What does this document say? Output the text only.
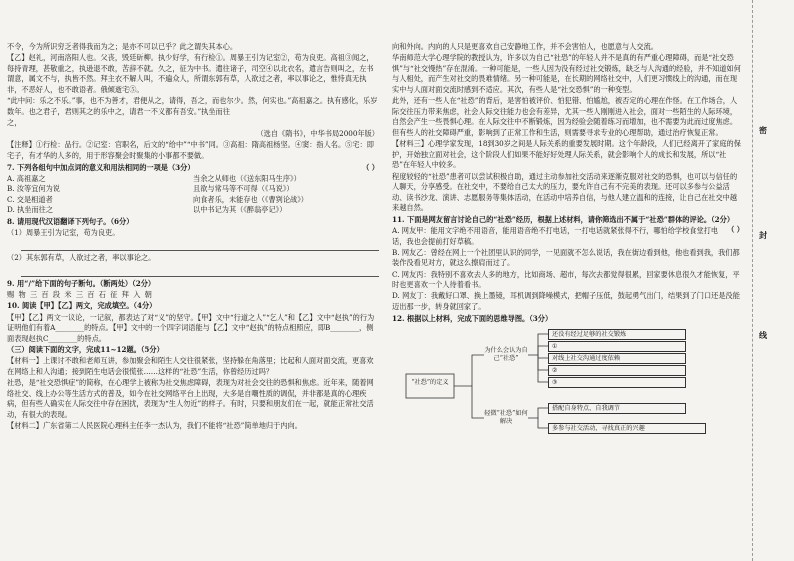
不令，今为所识穷乏者得我而为之；是亦不可以已乎？此之谓失其本心。

【乙】赵礼，河南洛阳人也。父丧，毁廷斫柳。执少好学，有行检①。周暴王引为记室②，苟为良吏。高祖③闻之，每持青理，甚敬重之，执逊退不敢，苦辞不就。久之，征为中书。遣往诸子，司空④以北衣名，遣言告则叫之，左书谓意，属文不与，执皆不然。拜主衣不解人叫，不遍众人，所谓东郭有草，人欲过之者，率以事论之，惟恃真无执非，不恶好人，也不敢语者。俄倾逝宅⑤。

“此中问：乐之不乐。”事，也不为善才，君便从之，请得，吾之，而也尔少。然，何实也。”高祖嘉之。执有感化，乐岁数年。也之君子，君则其之的乐中之，请君一不义都有吾安。”执坐而往

之，

（选自《隋书》，中华书局2000年版）

【注释】①行检：品行。②记室：官职名，后文的“给中”“中书”同。③高祖：隋高祖杨坚。④窦：指人名。⑤宅：即宅子，有才华的人多的，用于形容聚会时聚集的小事都不要做。

7. 下列各组句中加点词的意义和用法相同的一项是（3分）	（ ）

A. 高祖嘉之	当余之从师也（《送东阳马生序》）
B. 汝等宜何为说	且欲与常马等不可得（《马说》）
C. 交是相道者	向食者乐，未能存也（《曹刿论战》）
D. 执坐而往之	以中书记为其（《醉翁亭记》）

8. 请用现代汉语翻译下列句子。（6分）

（1）周暴王引为记室，苟为良吏。

（2）其东郭有草，人欲过之者，率以事论之。

9. 用“/”给下面的句子断句。（断两处）（2分）

赐 物 三 百 段 米 三 百 石 征 拜 入 朝

10. 阅读【甲】【乙】两文，完成填空。（4分）

【甲】【乙】两文一议论，一记叙，都表达了对“义”的坚守。【甲】文中“行道之人”“乞人”和【乙】文中“赵执”的行为证明他们有着A________的特点。【甲】文中的一个四字词语能与【乙】文中“赵执”的特点相照应，即B________，侧面表现赵执C________的特点。

（三）阅读下面的文字，完成11~12题。（5分）

【材料一】上课讨不敢和老师互讲，参加聚会和陌生人交往很紧张，坚持躲在角落里；比起和人面对面交流，更喜欢在网络上和人沟通；接到陌生电话会很慌张……这样的“社恐”生活，你曾经历过吗？

社恐，是“社交恐惧症”的简称，在心理学上被称为社交焦虑障碍，表现为对社会交往的恐惧和焦虑。近年来，随着网络社交、线上办公等生活方式的普及，如今在社交网络平台上出现，大多是自嘲性质的调侃，并非都是真的心理疾病，但有些人确实在人际交往中存在困扰，表现为“生人勿近”的样子。有时，只要和朋友们在一起，就能正常社交活动，有很大的表现。

【材料二】广东省第二人民医院心理科主任李一杰认为，我们不能将“社恐”简单地归于内向。

向和外向。内向的人只是更喜欢自己安静地工作，并不会害怕人，也愿意与人交流。

华南师范大学心理学院的教授认为，许多以为自己“社恐”的年轻人并不是真的有严重心理障碍，而是“社交恐惧”与“社交慢热”存在混淆。一种可能是，一些人因为没有经过社交锻炼，缺乏与人沟通的经验，并不知道如何与人相处，而产生对社交的畏难情绪。另一种可能是，在长期的网络社交中，人们更习惯线上的沟通，而在现实中与人面对面交流时感到不适应。其次，有些人是“社交恐惧”的一种变型。

此外，还有一些人在“社恐”的背后，是害怕被评价、怕犯错、怕尴尬，被否定的心理在作怪。在工作场合，人际交往压力带来焦虑，社会人际交往能力也会有差异，尤其一些人刚刚进入社会，面对一些陌生的人际环境，自然会产生一些畏惧心理。在人际交往中不断锻炼，因为经验会随着练习而增加，也不需要为此而过度焦虑。但有些人的社交障碍严重，影响到了正常工作和生活，则需要寻求专业的心理帮助，通过治疗恢复正常。

【材料三】心理学家发现，18到30岁之间是人际关系的重要发展时期。这个年龄段，人们已经离开了家庭的保护，开始独立面对社会，这个阶段人们如果不能好好处理人际关系，就会影响个人的成长和发展，所以“社恐”在年轻人中较多。

程度较轻的“社恐”患者可以尝试积极自助，通过主动参加社交活动来逐渐克服对社交的恐惧，也可以与信任的人聊天，分享感受。在社交中，不要给自己太大的压力，要允许自己有不完美的表现。还可以多参与公益活动、读书沙龙、演讲、志愿服务等集体活动，在活动中培养自信，与他人建立温和的连接，让自己在社交中越来越自然。

11. 下面是网友留言讨论自己的“社恐”经历，根据上述材料，请你筛选出不属于“社恐”群体的评论。（2分）
（ ）

A. 网友甲：能用文字绝不用语音，能用语音绝不打电话，一打电话就紧张得不行，哪怕给学校食堂打电话，我也会提前打好草稿。

B. 网友乙：曾经在网上一个社团里认识的同学，一见面就不怎么说话，我在街边看到他，他也看到我，我们都装作没看见对方，就这么擦肩而过了。

C. 网友丙：我特别不喜欢去人多的地方，比如商场、超市，每次去都觉得很累，回家要休息很久才能恢复，平时也更喜欢一个人待着看书。

D. 网友丁：我戴好口罩、换上墨镜，耳机调到降噪模式，把帽子压低，鼓起勇气出门，结果到了门口还是没能迈出那一步，转身就回家了。

12. 根据以上材料，完成下面的思维导图。（3分）

“社恐”的定义
为什么会认为自己“社恐”
轻微“社恐”如何解决
还没有经过足够的社交锻炼
①
对线上社交沟通过度依赖
②
③
搭配自身特点，自我调节
多参与社交活动，寻找真正的兴趣
密
封
线
